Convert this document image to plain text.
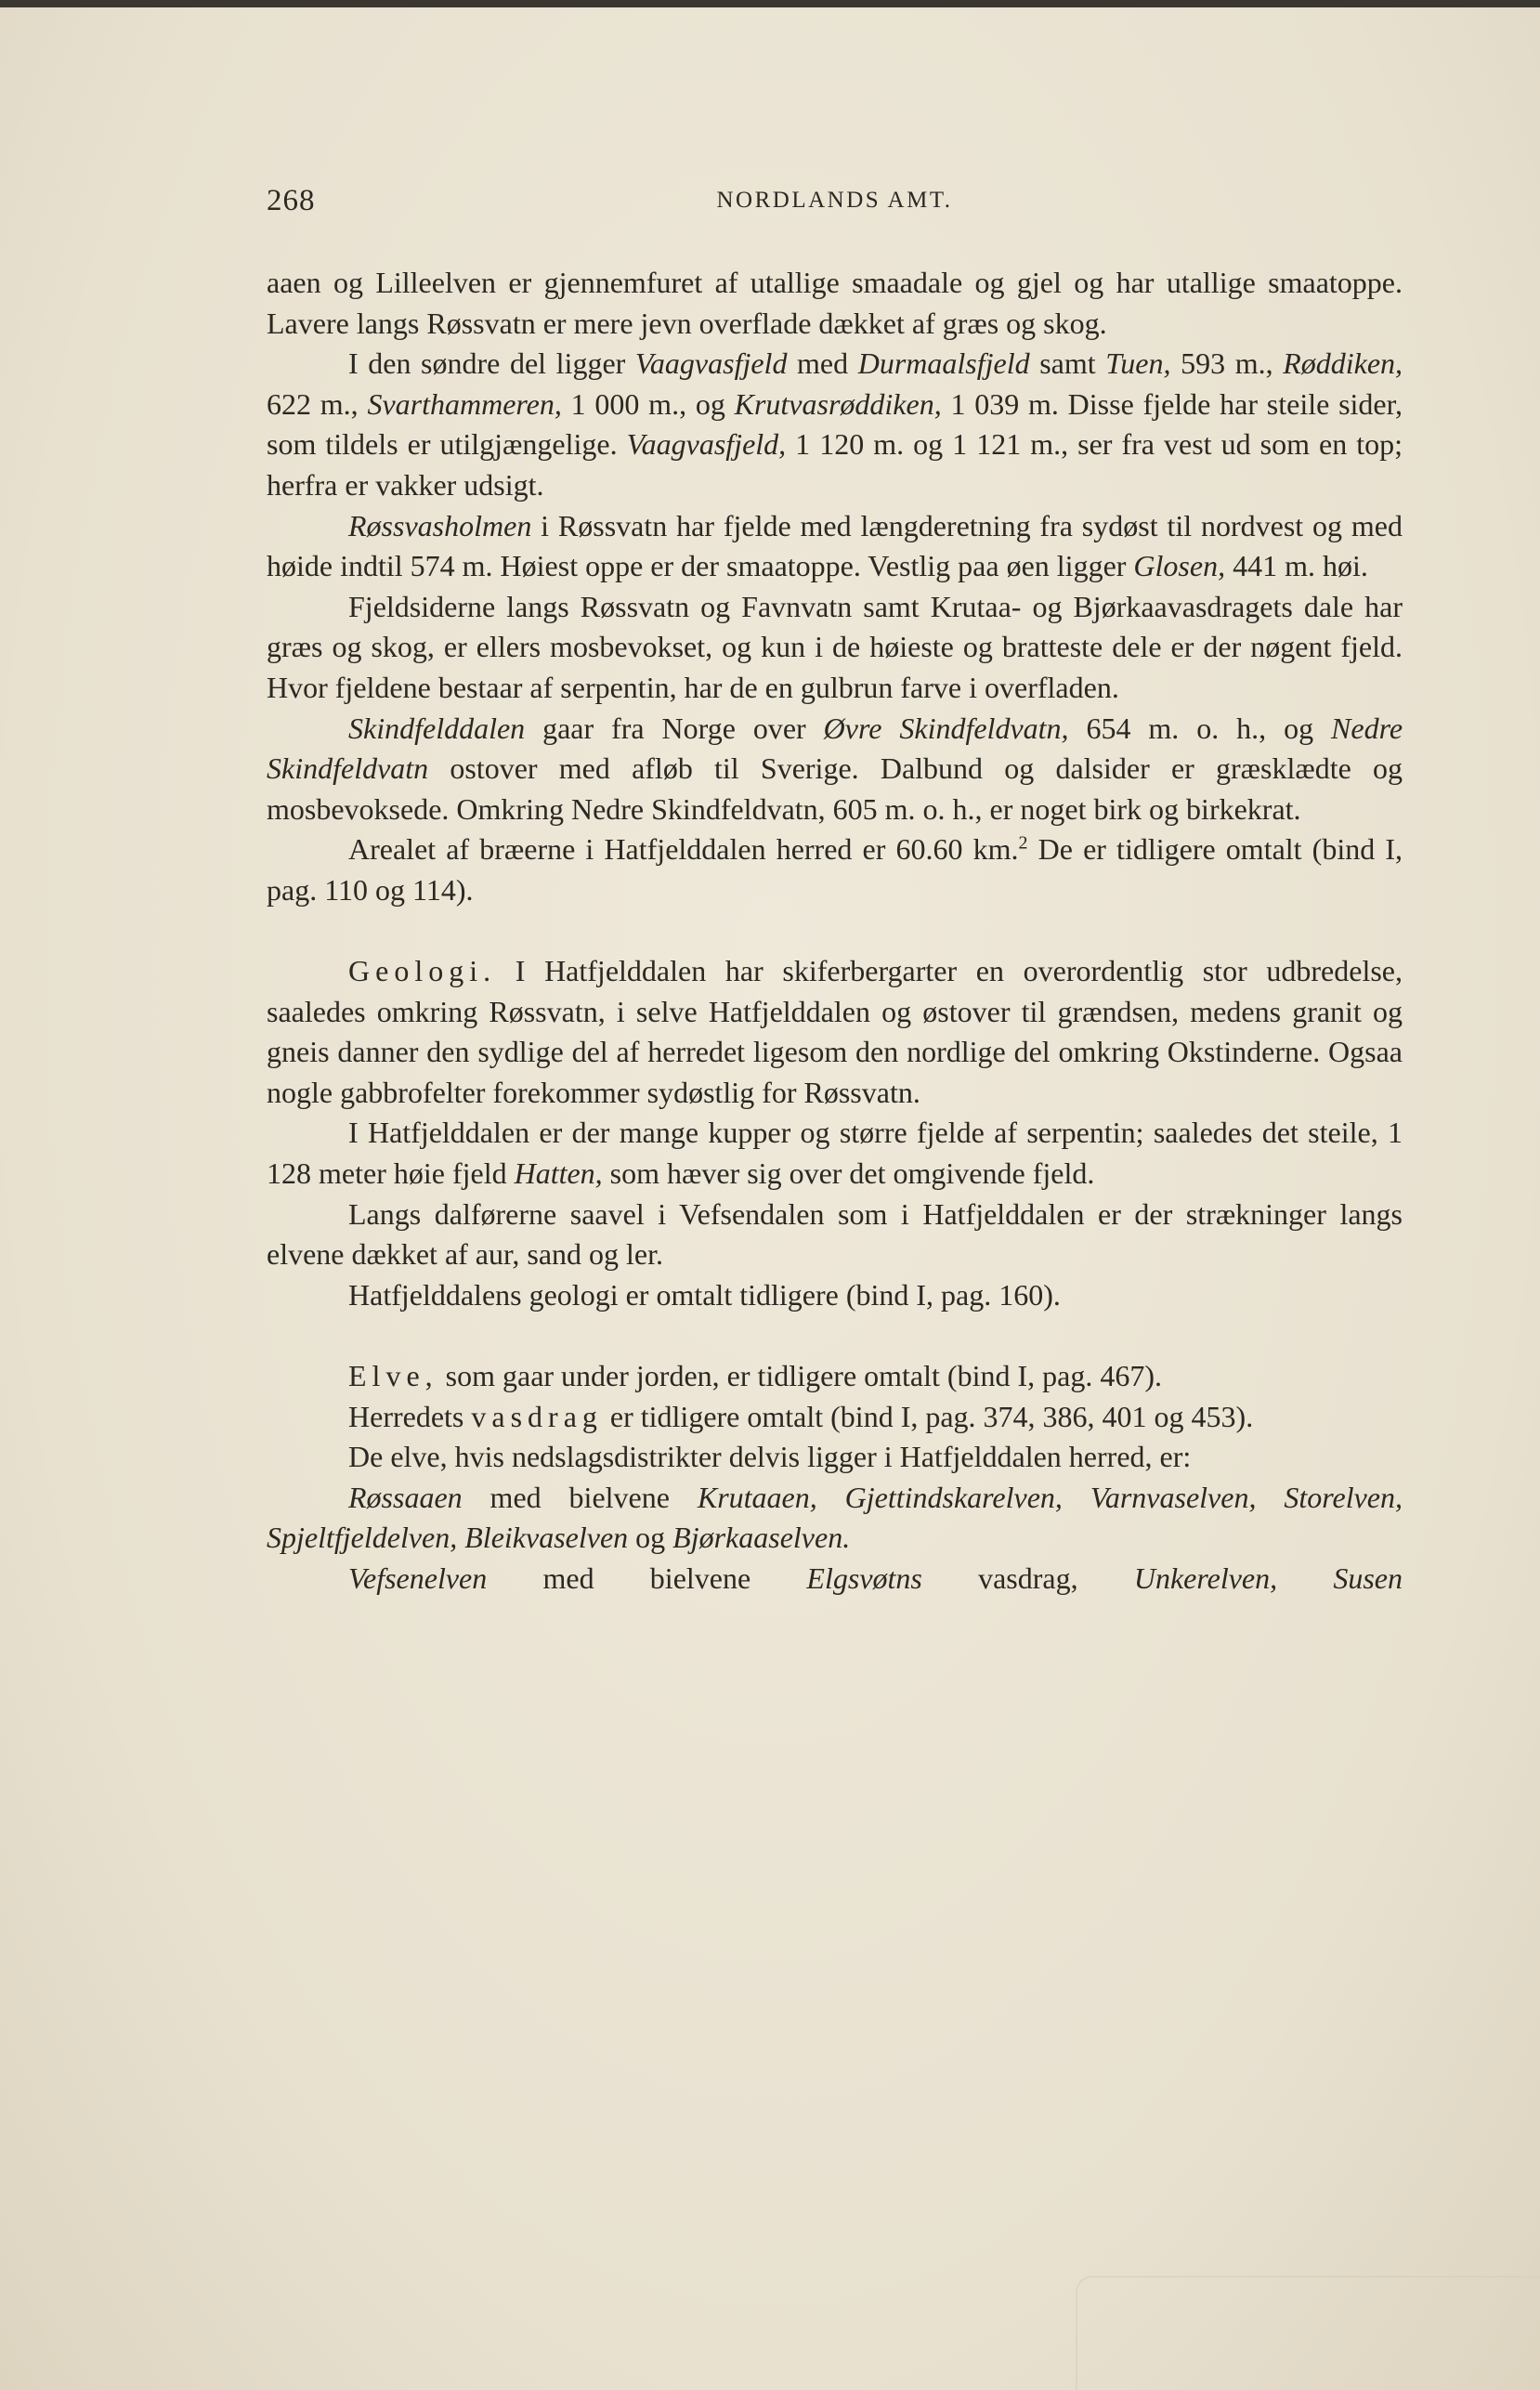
268	NORDLANDS AMT.

aaen og Lilleelven er gjennemfuret af utallige smaadale og gjel og har utallige smaatoppe. Lavere langs Røssvatn er mere jevn overflade dækket af græs og skog.

I den søndre del ligger Vaagvasfjeld med Durmaalsfjeld samt Tuen, 593 m., Røddiken, 622 m., Svarthammeren, 1 000 m., og Krutvasrøddiken, 1 039 m. Disse fjelde har steile sider, som tildels er utilgjængelige. Vaagvasfjeld, 1 120 m. og 1 121 m., ser fra vest ud som en top; herfra er vakker udsigt.

Røssvasholmen i Røssvatn har fjelde med længderetning fra sydøst til nordvest og med høide indtil 574 m. Høiest oppe er der smaatoppe. Vestlig paa øen ligger Glosen, 441 m. høi.

Fjeldsiderne langs Røssvatn og Favnvatn samt Krutaa- og Bjørkaavasdragets dale har græs og skog, er ellers mosbevokset, og kun i de høieste og bratteste dele er der nøgent fjeld. Hvor fjeldene bestaar af serpentin, har de en gulbrun farve i overfladen.

Skindfelddalen gaar fra Norge over Øvre Skindfeldvatn, 654 m. o. h., og Nedre Skindfeldvatn ostover med afløb til Sverige. Dalbund og dalsider er græsklædte og mosbevoksede. Omkring Nedre Skindfeldvatn, 605 m. o. h., er noget birk og birkekrat.

Arealet af bræerne i Hatfjelddalen herred er 60.60 km.$^2$ De er tidligere omtalt (bind I, pag. 110 og 114).

Geologi. I Hatfjelddalen har skiferbergarter en overordentlig stor udbredelse, saaledes omkring Røssvatn, i selve Hatfjelddalen og østover til grændsen, medens granit og gneis danner den sydlige del af herredet ligesom den nordlige del omkring Okstinderne. Ogsaa nogle gabbrofelter forekommer sydøstlig for Røssvatn.

I Hatfjelddalen er der mange kupper og større fjelde af serpentin; saaledes det steile, 1 128 meter høie fjeld Hatten, som hæver sig over det omgivende fjeld.

Langs dalførerne saavel i Vefsendalen som i Hatfjelddalen er der strækninger langs elvene dækket af aur, sand og ler.

Hatfjelddalens geologi er omtalt tidligere (bind I, pag. 160).

Elve, som gaar under jorden, er tidligere omtalt (bind I, pag. 467).

Herredets vasdrag er tidligere omtalt (bind I, pag. 374, 386, 401 og 453).

De elve, hvis nedslagsdistrikter delvis ligger i Hatfjelddalen herred, er:

Røssaaen med bielvene Krutaaen, Gjettindskarelven, Varnvaselven, Storelven, Spjeltfjeldelven, Bleikvaselven og Bjørkaaselven.

Vefsenelven med bielvene Elgsvøtns vasdrag, Unkerelven, Susen
